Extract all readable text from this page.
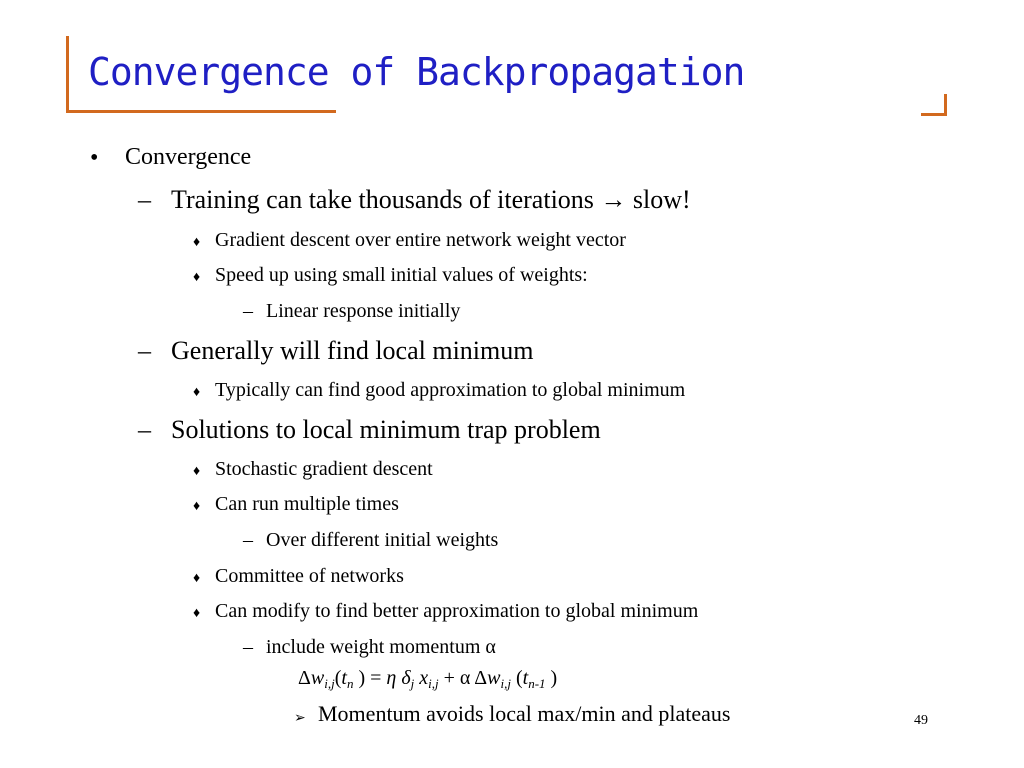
Convergence of Backpropagation
• Convergence
– Training can take thousands of iterations → slow!
♦ Gradient descent over entire network weight vector
♦ Speed up using small initial values of weights:
– Linear response initially
– Generally will find local minimum
♦ Typically can find good approximation to global minimum
– Solutions to local minimum trap problem
♦ Stochastic gradient descent
♦ Can run multiple times
– Over different initial weights
♦ Committee of networks
♦ Can modify to find better approximation to global minimum
– include weight momentum α
$\Delta w_{i,j}(t_n$ ) = η $\delta_j$ $x_{i,j} + \alpha$ $\Delta w_{i,j}$ ($t_{n-1}$ )
➢ Momentum avoids local max/min and plateaus	49
